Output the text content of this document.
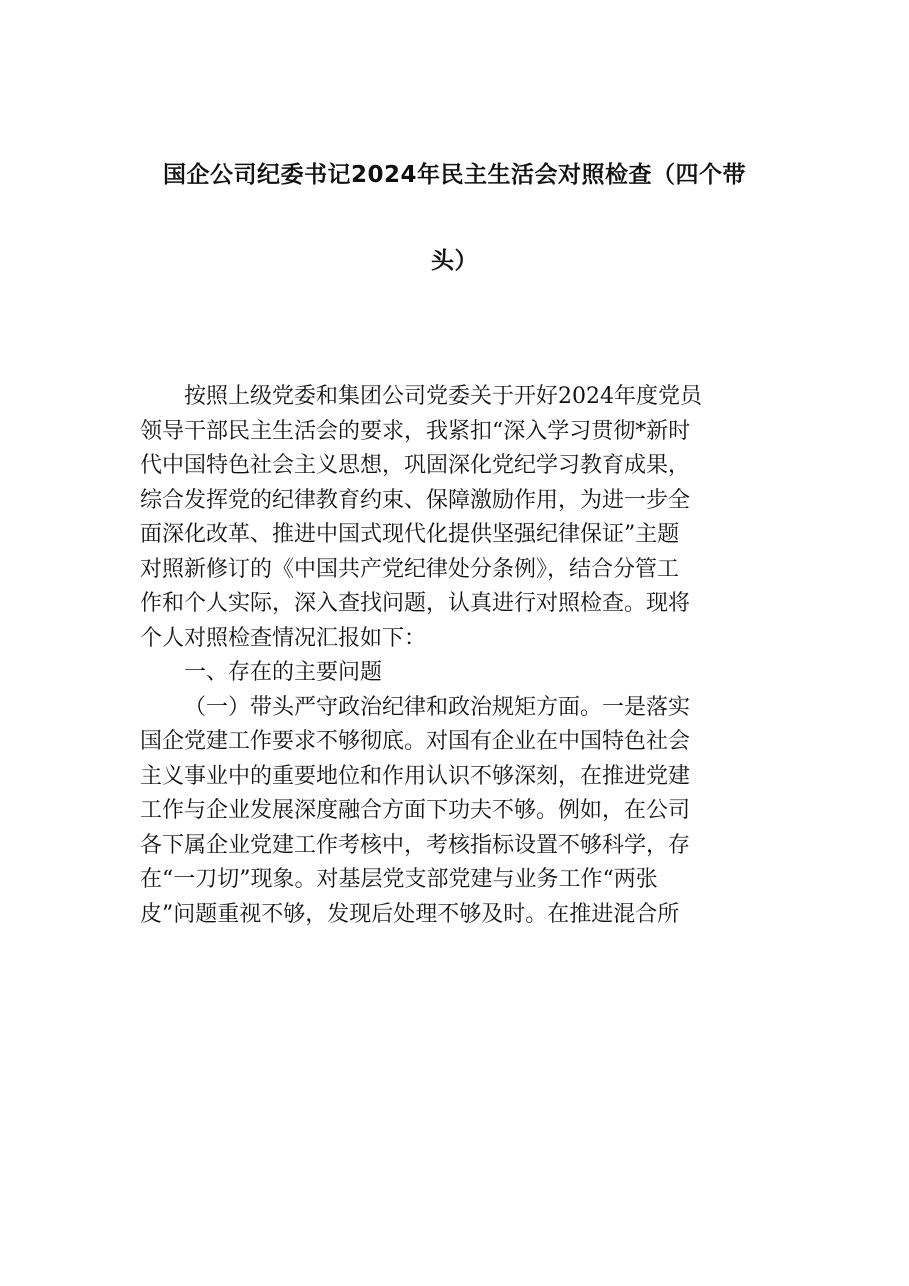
国企公司纪委书记2024年民主生活会对照检查（四个带
头）
按照上级党委和集团公司党委关于开好2024年度党员
领导干部民主生活会的要求，我紧扣“深入学习贯彻*新时
代中国特色社会主义思想，巩固深化党纪学习教育成果，
综合发挥党的纪律教育约束、保障激励作用，为进一步全
面深化改革、推进中国式现代化提供坚强纪律保证”主题
对照新修订的《中国共产党纪律处分条例》，结合分管工
作和个人实际，深入查找问题，认真进行对照检查。现将
个人对照检查情况汇报如下：
一、存在的主要问题
（一）带头严守政治纪律和政治规矩方面。一是落实
国企党建工作要求不够彻底。对国有企业在中国特色社会
主义事业中的重要地位和作用认识不够深刻，在推进党建
工作与企业发展深度融合方面下功夫不够。例如，在公司
各下属企业党建工作考核中，考核指标设置不够科学，存
在“一刀切”现象。对基层党支部党建与业务工作“两张
皮”问题重视不够，发现后处理不够及时。在推进混合所
